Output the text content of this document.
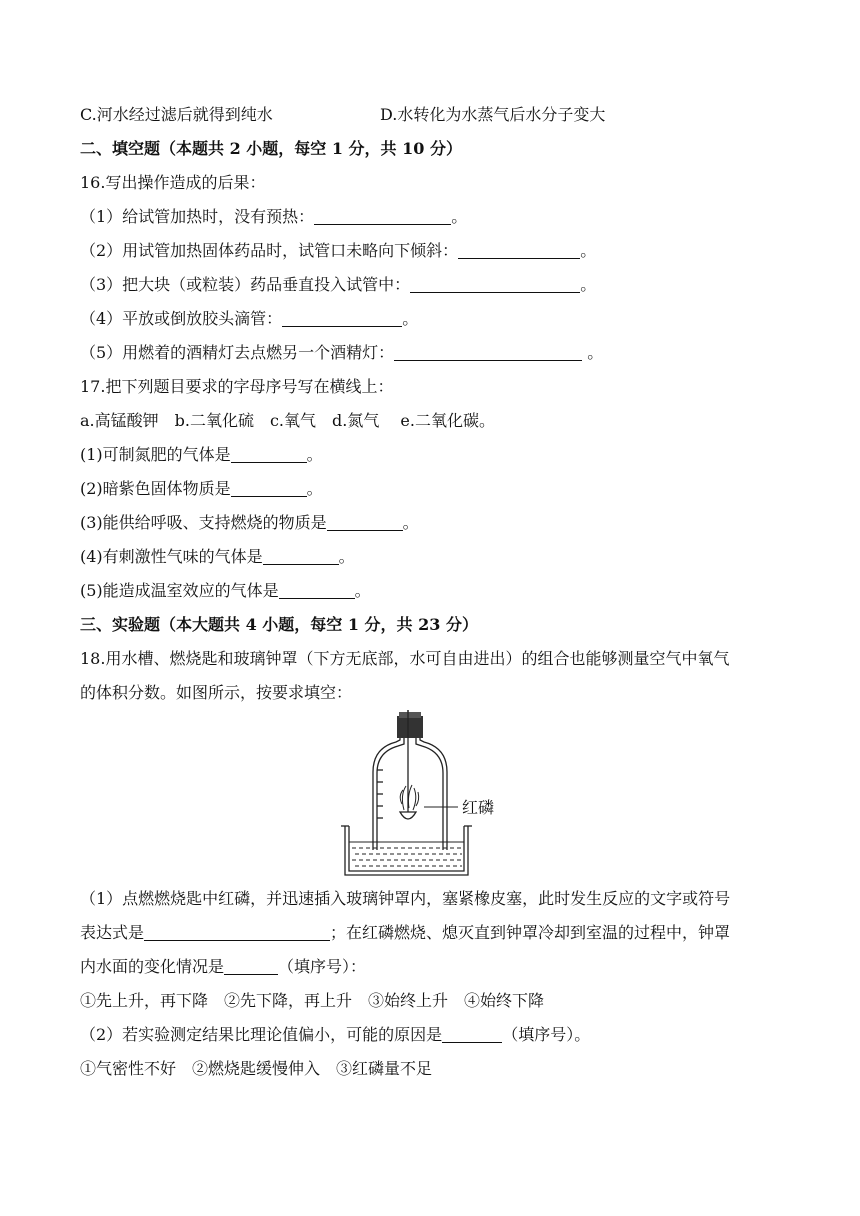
C.河水经过滤后就得到纯水	D.水转化为水蒸气后水分子变大
二、填空题（本题共 2 小题，每空 1 分，共 10 分）
16.写出操作造成的后果：
（1）给试管加热时，没有预热：	。
（2）用试管加热固体药品时，试管口未略向下倾斜：	。
（3）把大块（或粒装）药品垂直投入试管中：	。
（4）平放或倒放胶头滴管：	。
（5）用燃着的酒精灯去点燃另一个酒精灯：	。
17.把下列题目要求的字母序号写在横线上：
a.高锰酸钾　b.二氧化硫　c.氧气　d.氮气　 e.二氧化碳。
(1)可制氮肥的气体是	。
(2)暗紫色固体物质是	。
(3)能供给呼吸、支持燃烧的物质是	。
(4)有刺激性气味的气体是	。
(5)能造成温室效应的气体是	。
三、实验题（本大题共 4 小题，每空 1 分，共 23 分）
18.用水槽、燃烧匙和玻璃钟罩（下方无底部，水可自由进出）的组合也能够测量空气中氧气
的体积分数。如图所示，按要求填空：
红磷
（1）点燃燃烧匙中红磷，并迅速插入玻璃钟罩内，塞紧橡皮塞，此时发生反应的文字或符号
表达式是	；在红磷燃烧、熄灭直到钟罩冷却到室温的过程中，钟罩
内水面的变化情况是	（填序号）：
①先上升，再下降　②先下降，再上升　③始终上升　④始终下降
（2）若实验测定结果比理论值偏小，可能的原因是	（填序号）。
①气密性不好　②燃烧匙缓慢伸入　③红磷量不足
